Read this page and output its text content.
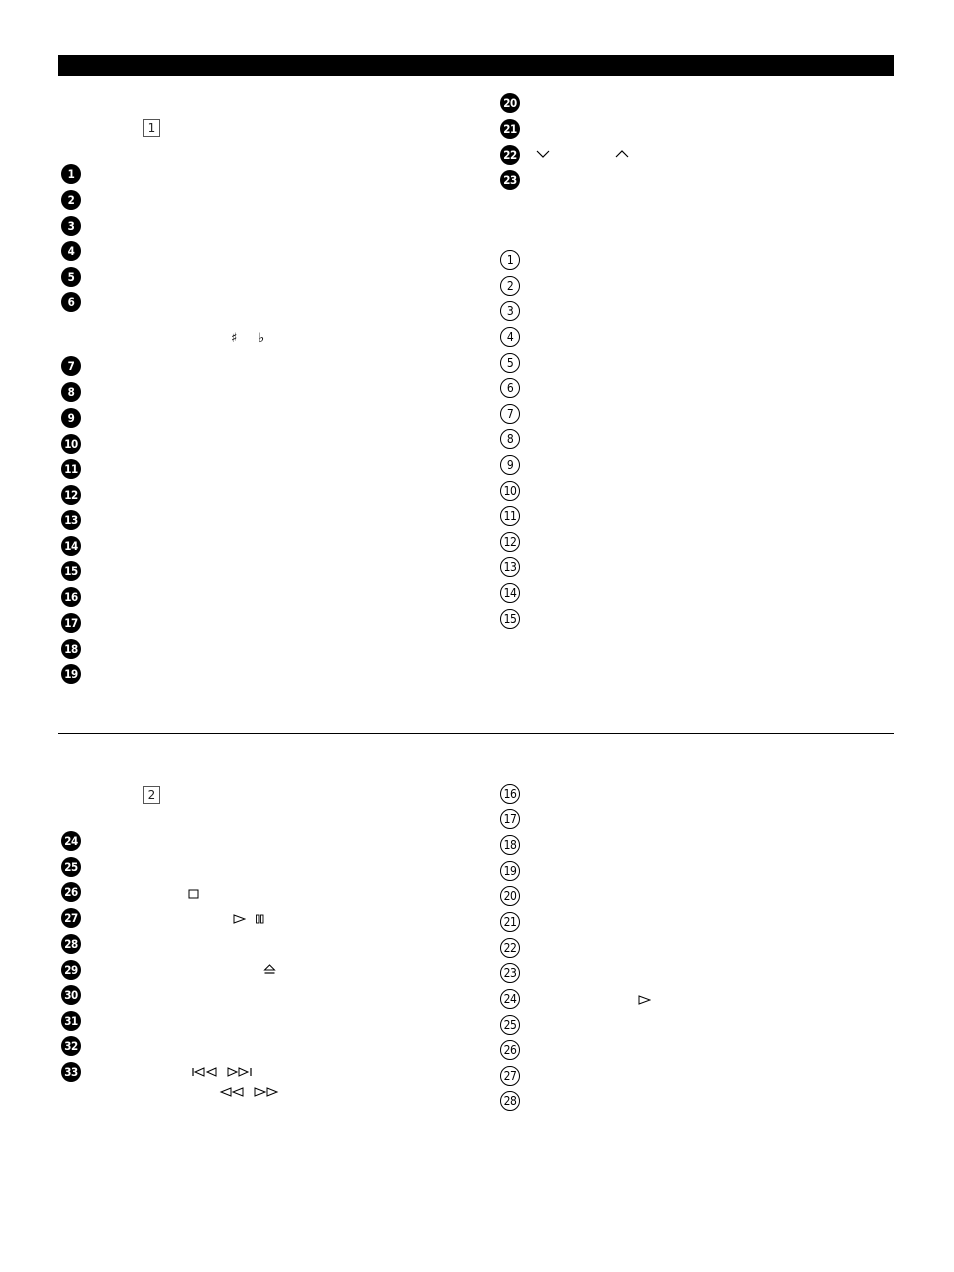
1
1
2
3
4
5
6
7
8
9
10
11
12
13
14
15
16
17
18
19
20
21
22
23
1
2
3
4
5
6
7
8
9
10
11
12
13
14
15
♯ ♭
2
24
25
26
27
28
29
30
31
32
33
16
17
18
19
20
21
22
23
24
25
26
27
28
